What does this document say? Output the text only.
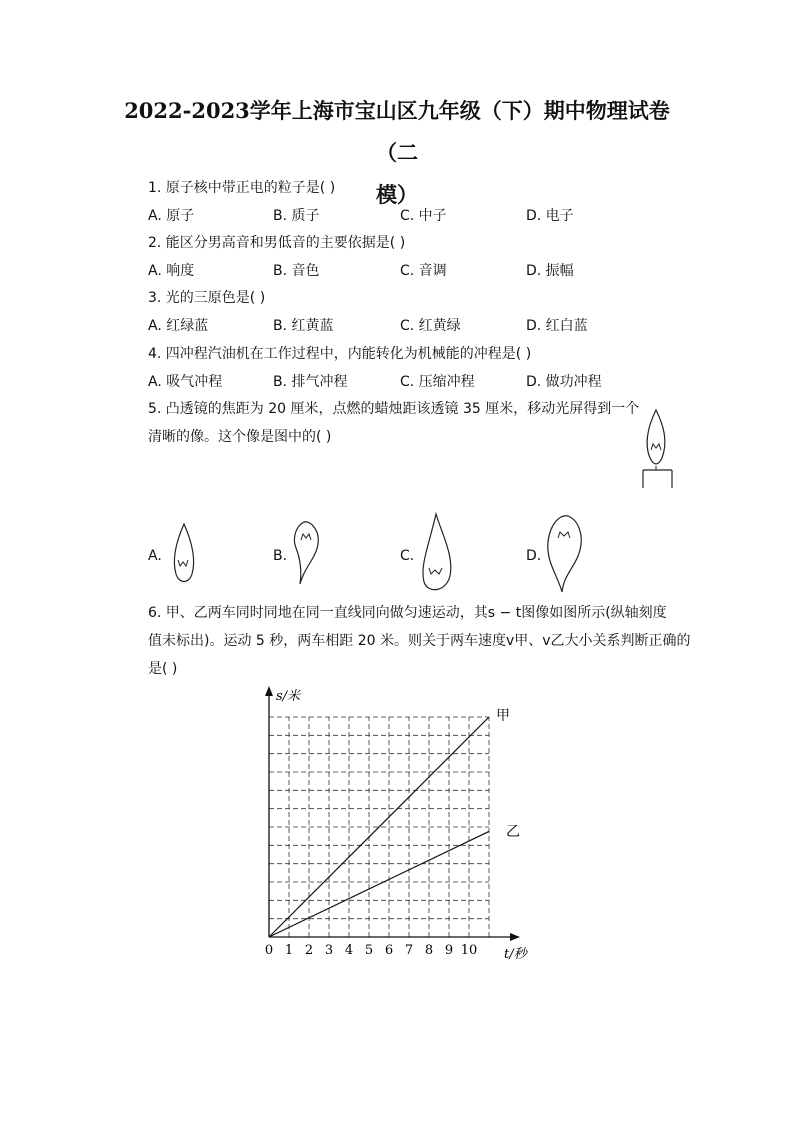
2022-2023学年上海市宝山区九年级（下）期中物理试卷（二
模）
1. 原子核中带正电的粒子是( )
A. 原子	B. 质子	C. 中子	D. 电子
2. 能区分男高音和男低音的主要依据是( )
A. 响度	B. 音色	C. 音调	D. 振幅
3. 光的三原色是( )
A. 红绿蓝	B. 红黄蓝	C. 红黄绿	D. 红白蓝
4. 四冲程汽油机在工作过程中，内能转化为机械能的冲程是( )
A. 吸气冲程	B. 排气冲程	C. 压缩冲程	D. 做功冲程
5. 凸透镜的焦距为 20 厘米，点燃的蜡烛距该透镜 35 厘米，移动光屏得到一个
清晰的像。这个像是图中的( )
A.	B.	C.	D.
6. 甲、乙两车同时同地在同一直线同向做匀速运动，其s − t图像如图所示(纵轴刻度
值未标出)。运动 5 秒，两车相距 20 米。则关于两车速度v甲、v乙大小关系判断正确的
是( )
0 1 2 3 4 5 6 7 8 9 10
s/米
t/秒
甲
乙
